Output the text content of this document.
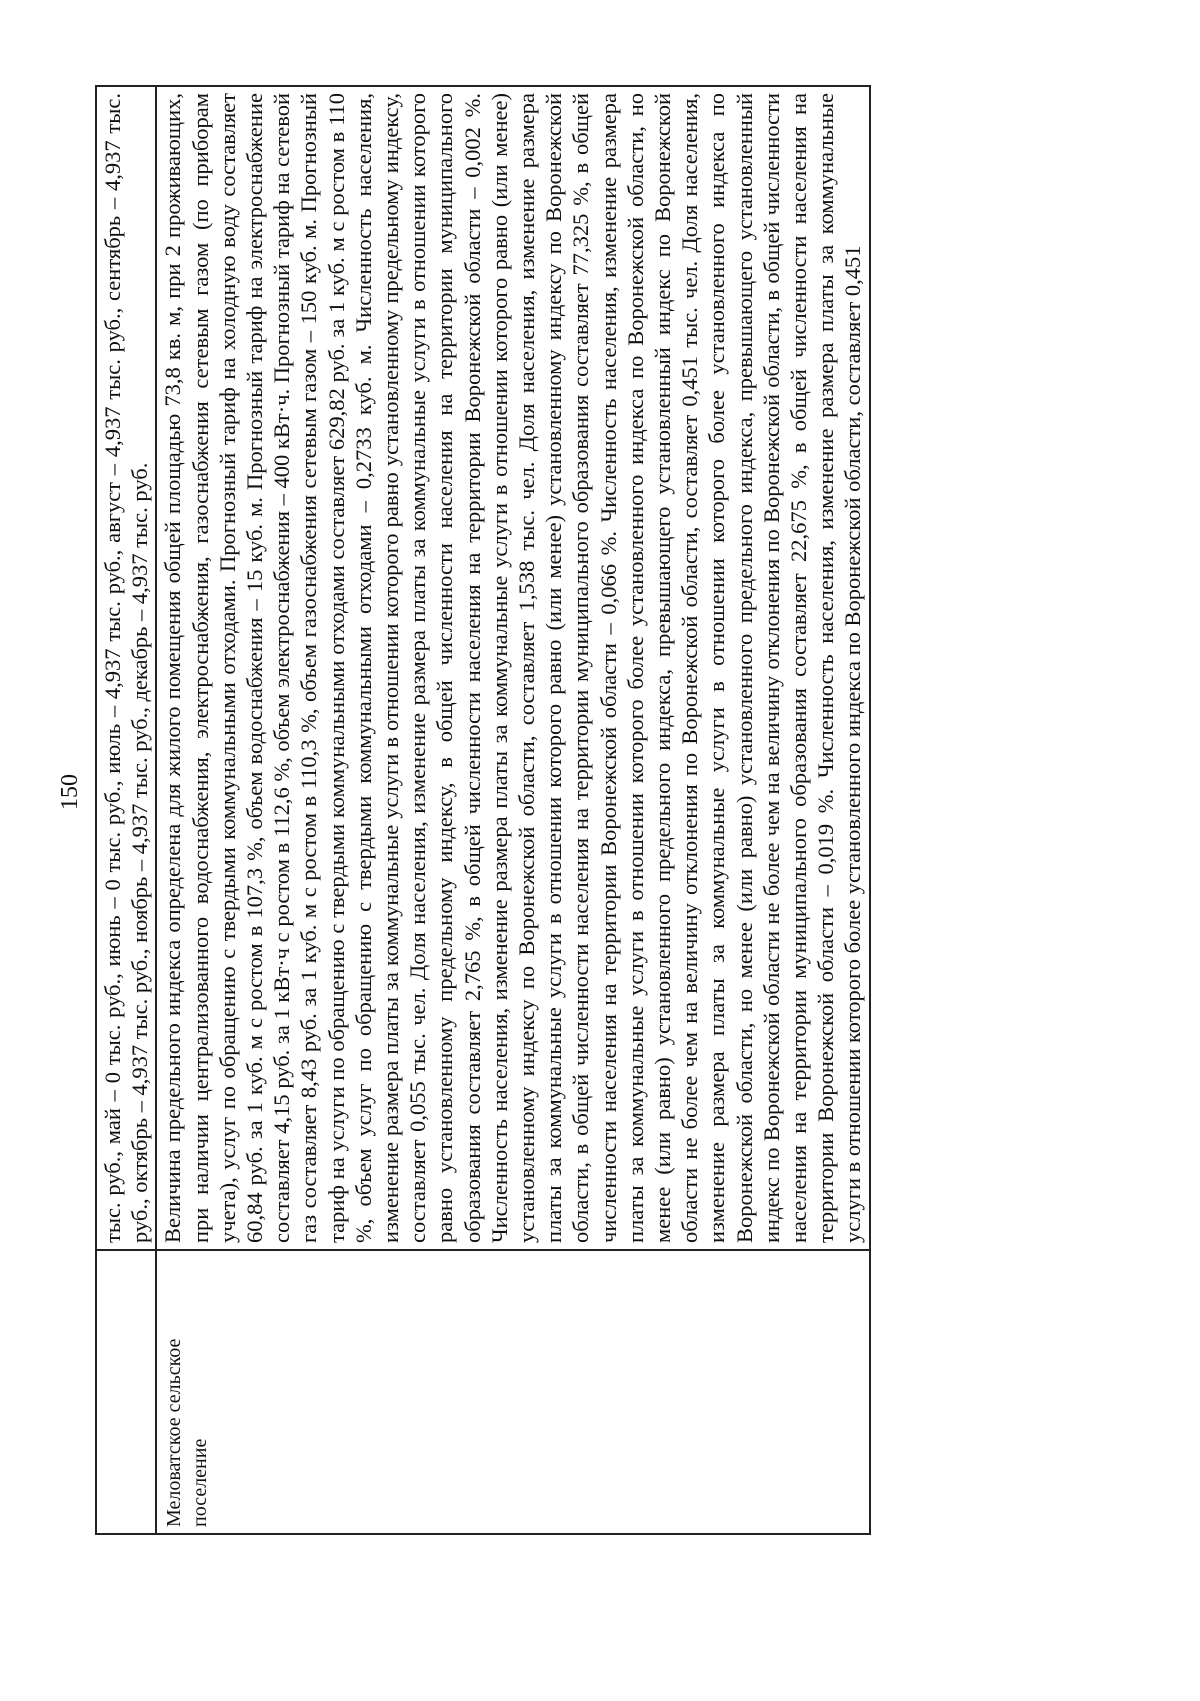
150

	тыс. руб., май – 0 тыс. руб., июнь – 0 тыс. руб., июль – 4,937 тыс. руб., август – 4,937 тыс. руб., сентябрь – 4,937 тыс. руб., октябрь – 4,937 тыс. руб., ноябрь – 4,937 тыс. руб., декабрь – 4,937 тыс. руб.

Меловатское сельское поселение	Величина предельного индекса определена для жилого помещения общей площадью 73,8 кв. м, при 2 проживающих, при наличии централизованного водоснабжения, электроснабжения, газоснабжения сетевым газом (по приборам учета), услуг по обращению с твердыми коммунальными отходами. Прогнозный тариф на холодную воду составляет 60,84 руб. за 1 куб. м с ростом в 107,3 %, объем водоснабжения – 15 куб. м. Прогнозный тариф на электроснабжение составляет 4,15 руб. за 1 кВт·ч с ростом в 112,6 %, объем электроснабжения – 400 кВт·ч. Прогнозный тариф на сетевой газ составляет 8,43 руб. за 1 куб. м с ростом в 110,3 %, объем газоснабжения сетевым газом – 150 куб. м. Прогнозный тариф на услуги по обращению с твердыми коммунальными отходами составляет 629,82 руб. за 1 куб. м с ростом в 110 %, объем услуг по обращению с твердыми коммунальными отходами – 0,2733 куб. м. Численность населения, изменение размера платы за коммунальные услуги в отношении которого равно установленному предельному индексу, составляет 0,055 тыс. чел. Доля населения, изменение размера платы за коммунальные услуги в отношении которого равно установленному предельному индексу, в общей численности населения на территории муниципального образования составляет 2,765 %, в общей численности населения на территории Воронежской области – 0,002 %. Численность населения, изменение размера платы за коммунальные услуги в отношении которого равно (или менее) установленному индексу по Воронежской области, составляет 1,538 тыс. чел. Доля населения, изменение размера платы за коммунальные услуги в отношении которого равно (или менее) установленному индексу по Воронежской области, в общей численности населения на территории муниципального образования составляет 77,325 %, в общей численности населения на территории Воронежской области – 0,066 %. Численность населения, изменение размера платы за коммунальные услуги в отношении которого более установленного индекса по Воронежской области, но менее (или равно) установленного предельного индекса, превышающего установленный индекс по Воронежской области не более чем на величину отклонения по Воронежской области, составляет 0,451 тыс. чел. Доля населения, изменение размера платы за коммунальные услуги в отношении которого более установленного индекса по Воронежской области, но менее (или равно) установленного предельного индекса, превышающего установленный индекс по Воронежской области не более чем на величину отклонения по Воронежской области, в общей численности населения на территории муниципального образования составляет 22,675 %, в общей численности населения на территории Воронежской области – 0,019 %. Численность населения, изменение размера платы за коммунальные услуги в отношении которого более установленного индекса по Воронежской области, составляет 0,451
